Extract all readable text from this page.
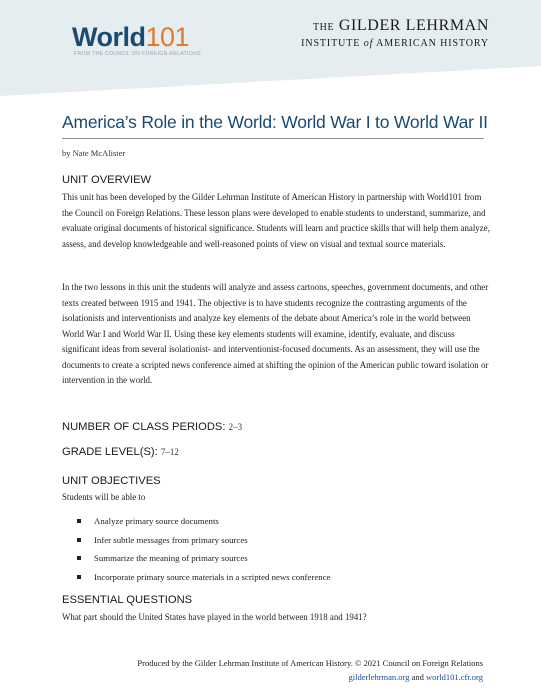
World101
FROM THE COUNCIL ON FOREIGN RELATIONS
THE GILDER LEHRMAN
INSTITUTE of AMERICAN HISTORY
America’s Role in the World: World War I to World War II
by Nate McAlister
UNIT OVERVIEW
This unit has been developed by the Gilder Lehrman Institute of American History in partnership with World101 from the Council on Foreign Relations. These lesson plans were developed to enable students to understand, summarize, and evaluate original documents of historical significance. Students will learn and practice skills that will help them analyze, assess, and develop knowledgeable and well-reasoned points of view on visual and textual source materials.
In the two lessons in this unit the students will analyze and assess cartoons, speeches, government documents, and other texts created between 1915 and 1941. The objective is to have students recognize the contrasting arguments of the isolationists and interventionists and analyze key elements of the debate about America’s role in the world between World War I and World War II. Using these key elements students will examine, identify, evaluate, and discuss significant ideas from several isolationist- and interventionist-focused documents. As an assessment, they will use the documents to create a scripted news conference aimed at shifting the opinion of the American public toward isolation or intervention in the world.
NUMBER OF CLASS PERIODS: 2–3
GRADE LEVEL(S): 7–12
UNIT OBJECTIVES
Students will be able to
Analyze primary source documents
Infer subtle messages from primary sources
Summarize the meaning of primary sources
Incorporate primary source materials in a scripted news conference
ESSENTIAL QUESTIONS
What part should the United States have played in the world between 1918 and 1941?
Produced by the Gilder Lehrman Institute of American History. © 2021 Council on Foreign Relations
gilderlehrman.org and world101.cfr.org
